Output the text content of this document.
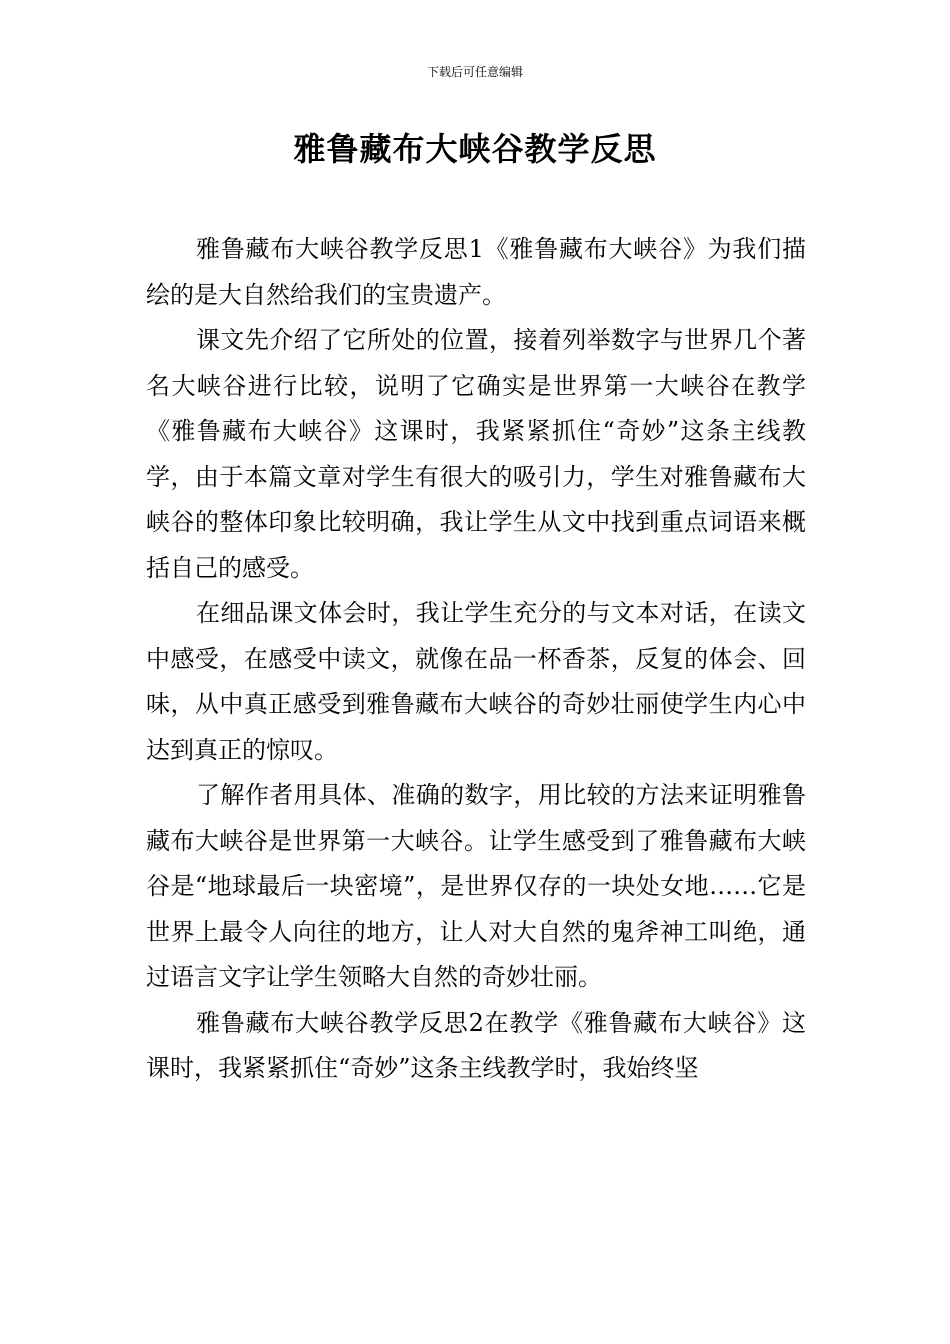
下载后可任意编辑
雅鲁藏布大峡谷教学反思

雅鲁藏布大峡谷教学反思1《雅鲁藏布大峡谷》为我们描绘的是大自然给我们的宝贵遗产。

课文先介绍了它所处的位置，接着列举数字与世界几个著名大峡谷进行比较，说明了它确实是世界第一大峡谷在教学《雅鲁藏布大峡谷》这课时，我紧紧抓住“奇妙”这条主线教学，由于本篇文章对学生有很大的吸引力，学生对雅鲁藏布大峡谷的整体印象比较明确，我让学生从文中找到重点词语来概括自己的感受。

在细品课文体会时，我让学生充分的与文本对话，在读文中感受，在感受中读文，就像在品一杯香茶，反复的体会、回味，从中真正感受到雅鲁藏布大峡谷的奇妙壮丽使学生内心中达到真正的惊叹。

了解作者用具体、准确的数字，用比较的方法来证明雅鲁藏布大峡谷是世界第一大峡谷。让学生感受到了雅鲁藏布大峡谷是“地球最后一块密境”，是世界仅存的一块处女地……它是世界上最令人向往的地方，让人对大自然的鬼斧神工叫绝，通过语言文字让学生领略大自然的奇妙壮丽。

雅鲁藏布大峡谷教学反思2在教学《雅鲁藏布大峡谷》这课时，我紧紧抓住“奇妙”这条主线教学时，我始终坚
